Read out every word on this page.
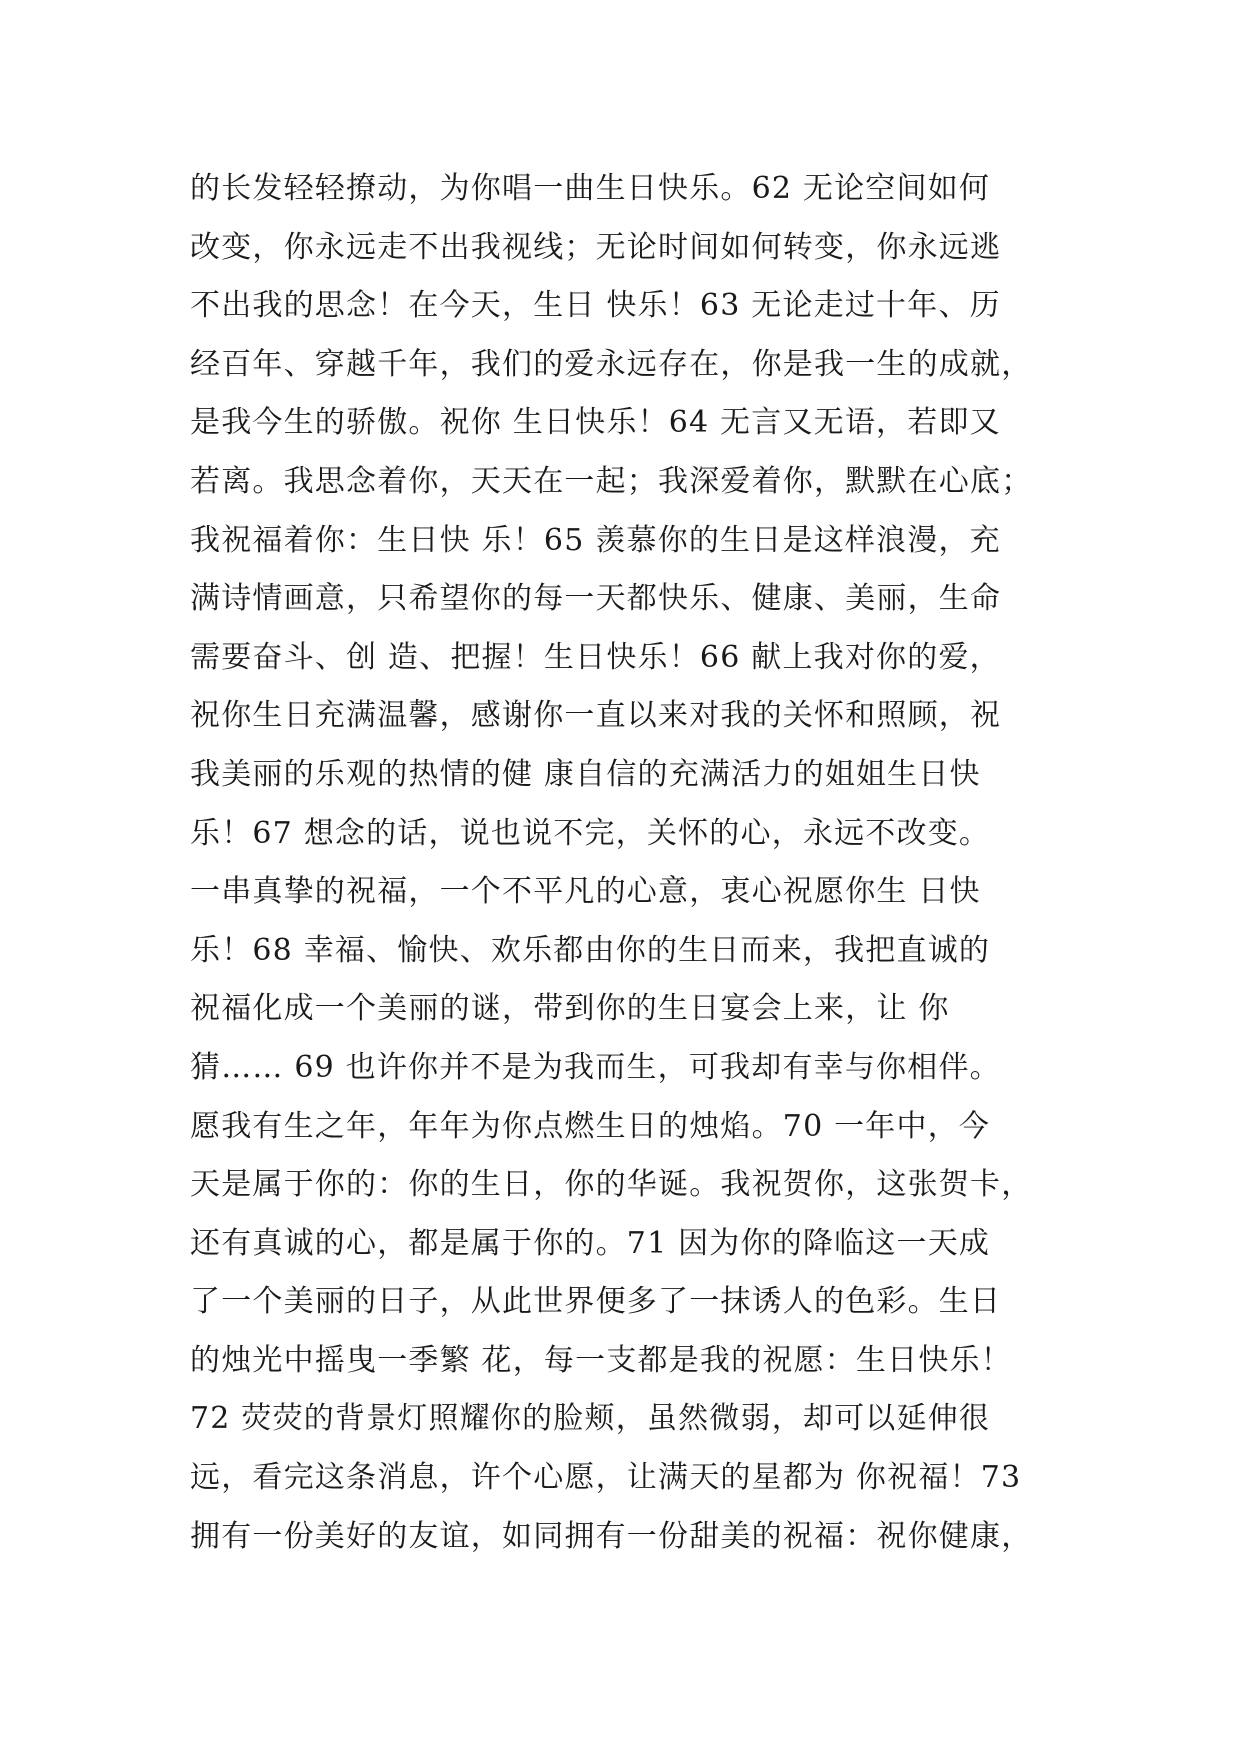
的长发轻轻撩动，为你唱一曲生日快乐。62 无论空间如何
改变，你永远走不出我视线；无论时间如何转变，你永远逃
不出我的思念！在今天，生日 快乐！63 无论走过十年、历
经百年、穿越千年，我们的爱永远存在，你是我一生的成就，
是我今生的骄傲。祝你 生日快乐！64 无言又无语，若即又
若离。我思念着你，天天在一起；我深爱着你，默默在心底；
我祝福着你：生日快 乐！65 羡慕你的生日是这样浪漫，充
满诗情画意，只希望你的每一天都快乐、健康、美丽，生命
需要奋斗、创 造、把握！生日快乐！66 献上我对你的爱，
祝你生日充满温馨，感谢你一直以来对我的关怀和照顾，祝
我美丽的乐观的热情的健 康自信的充满活力的姐姐生日快
乐！67 想念的话，说也说不完，关怀的心，永远不改变。
一串真挚的祝福，一个不平凡的心意，衷心祝愿你生 日快
乐！68 幸福、愉快、欢乐都由你的生日而来，我把直诚的
祝福化成一个美丽的谜，带到你的生日宴会上来，让 你
猜…… 69 也许你并不是为我而生，可我却有幸与你相伴。
愿我有生之年，年年为你点燃生日的烛焰。70 一年中，今
天是属于你的：你的生日，你的华诞。我祝贺你，这张贺卡，
还有真诚的心，都是属于你的。71 因为你的降临这一天成
了一个美丽的日子，从此世界便多了一抹诱人的色彩。生日
的烛光中摇曳一季繁 花，每一支都是我的祝愿：生日快乐！
72 荧荧的背景灯照耀你的脸颊，虽然微弱，却可以延伸很
远，看完这条消息，许个心愿，让满天的星都为 你祝福！73
拥有一份美好的友谊，如同拥有一份甜美的祝福：祝你健康，
